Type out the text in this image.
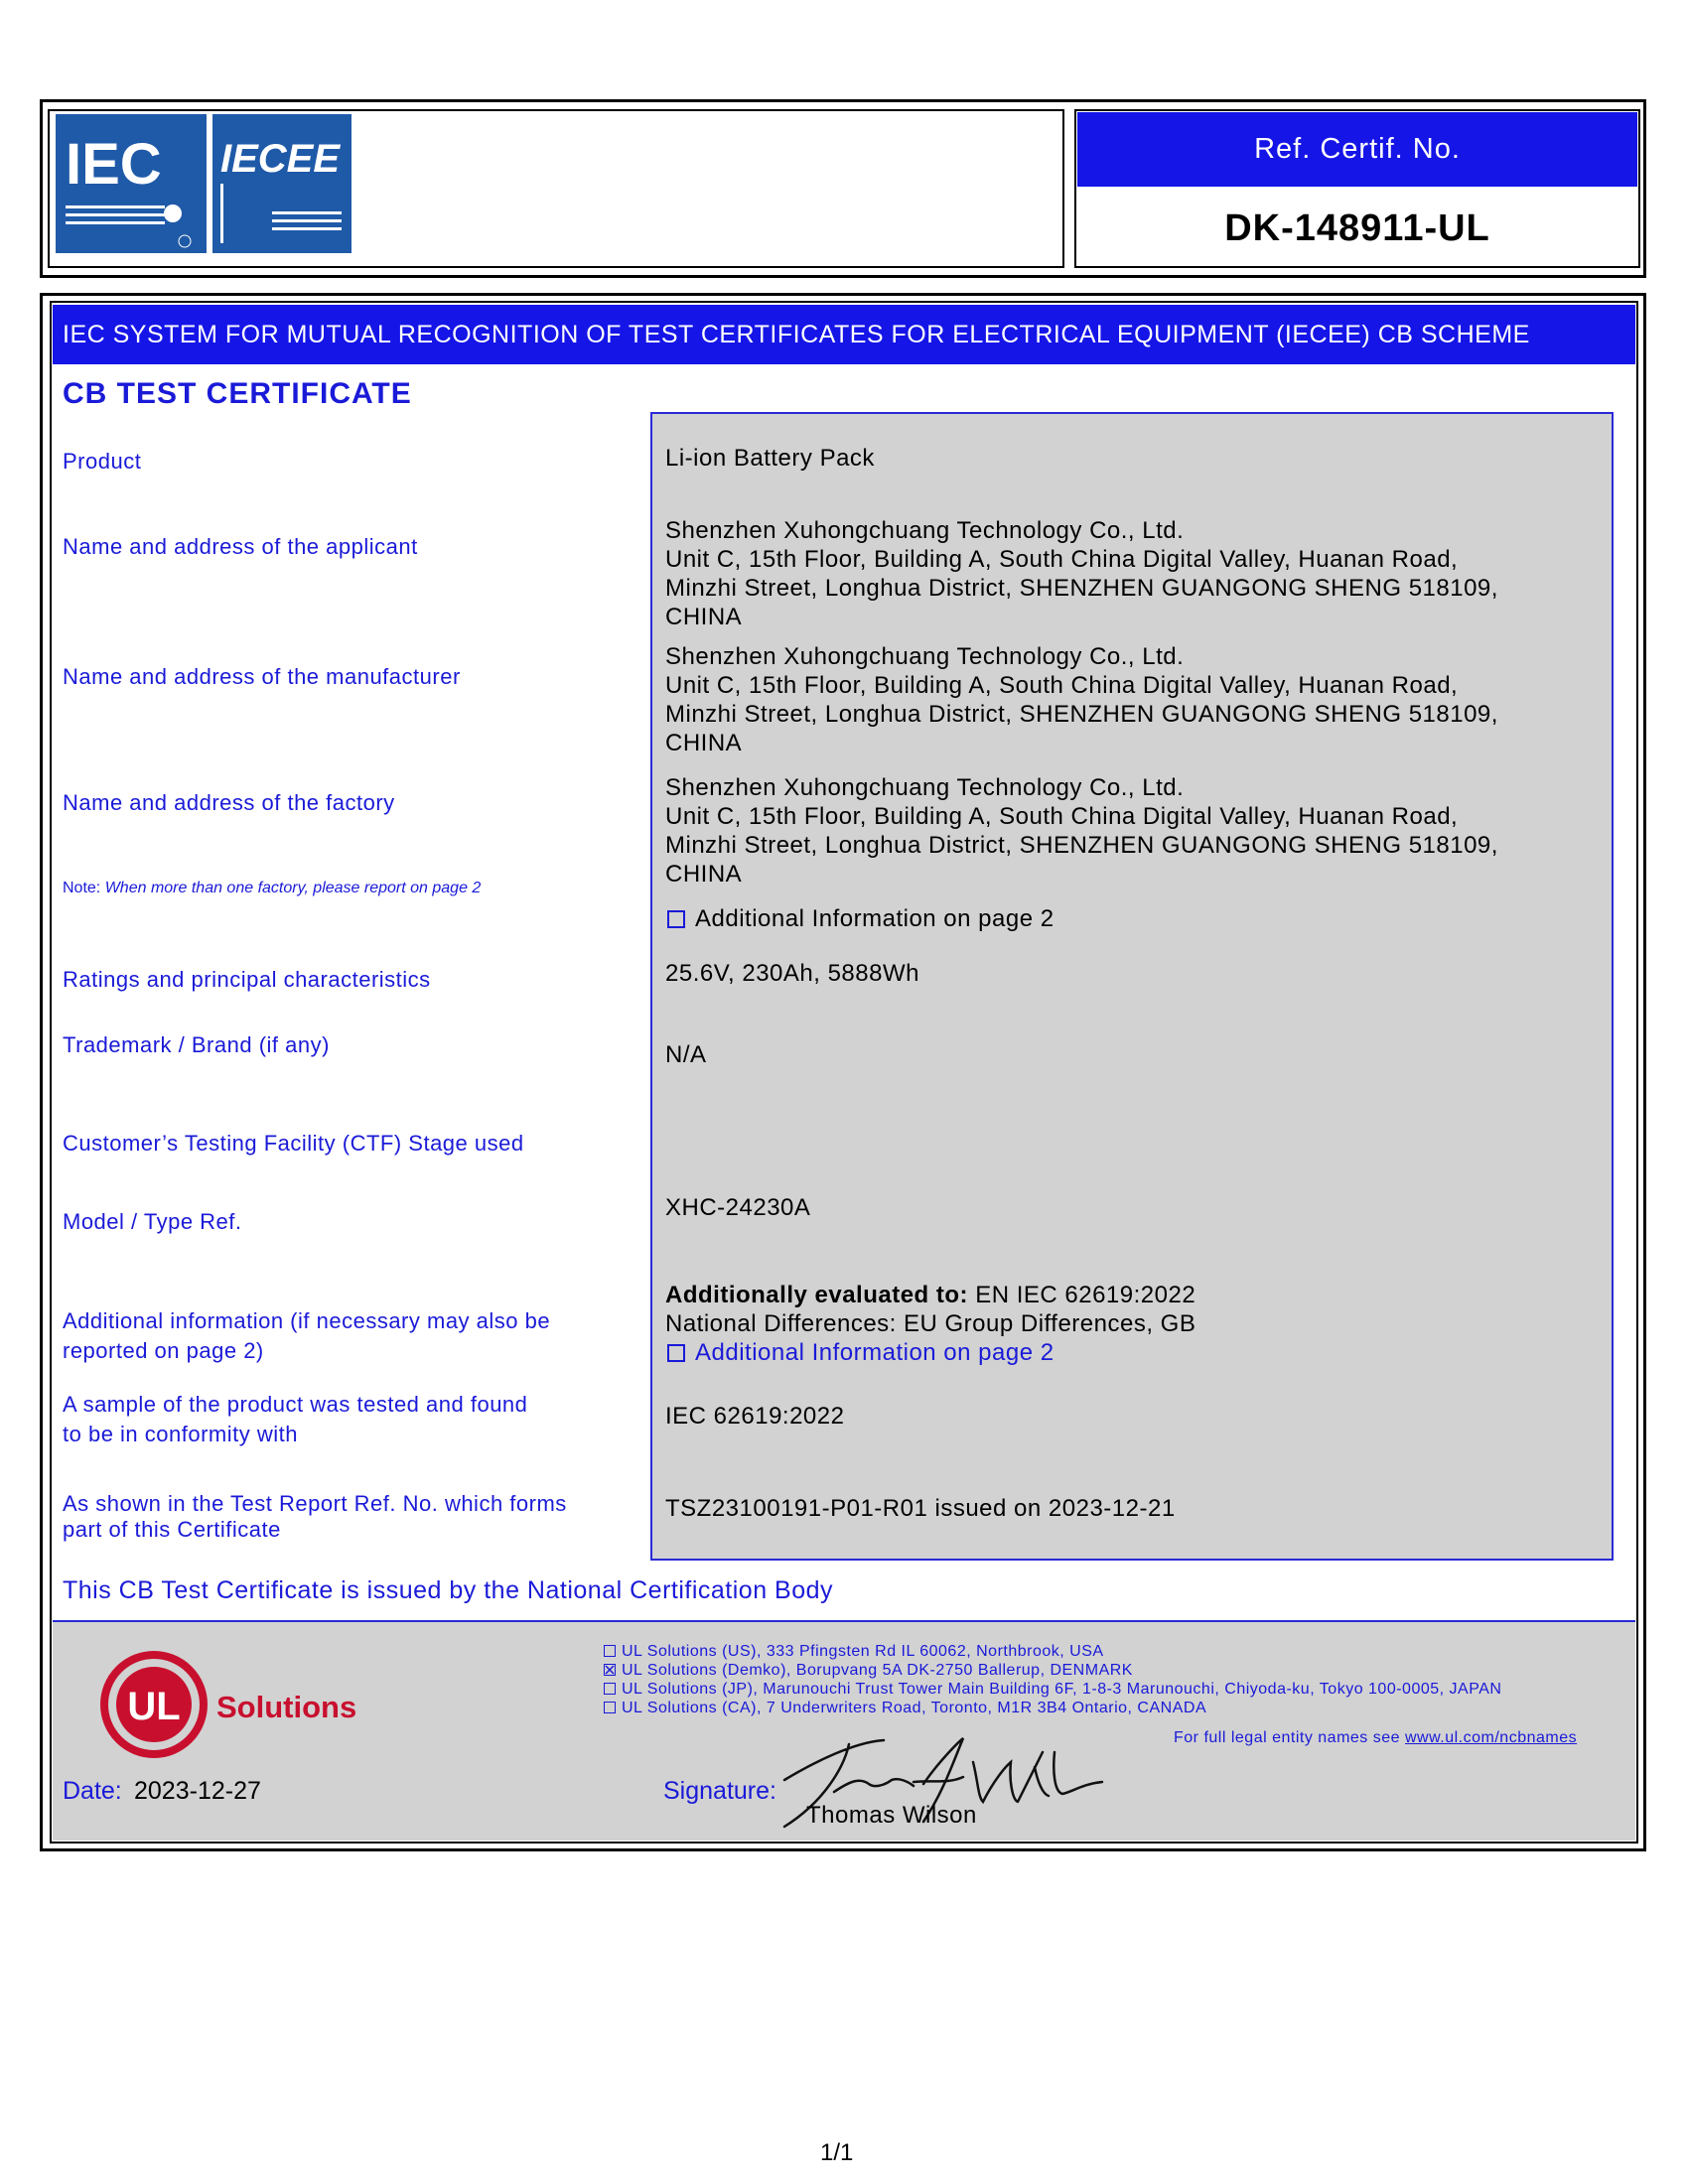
IEC IECEE	Ref. Certif. No.
DK-148911-UL
IEC SYSTEM FOR MUTUAL RECOGNITION OF TEST CERTIFICATES FOR ELECTRICAL EQUIPMENT (IECEE) CB SCHEME
CB TEST CERTIFICATE
Product
Name and address of the applicant
Name and address of the manufacturer
Name and address of the factory
Note: When more than one factory, please report on page 2
Ratings and principal characteristics
Trademark / Brand (if any)
Customer’s Testing Facility (CTF) Stage used
Model / Type Ref.
Additional information (if necessary may also be
reported on page 2)
A sample of the product was tested and found
to be in conformity with
As shown in the Test Report Ref. No. which forms
part of this Certificate
Li-ion Battery Pack
Shenzhen Xuhongchuang Technology Co., Ltd.
Unit C, 15th Floor, Building A, South China Digital Valley, Huanan Road,
Minzhi Street, Longhua District, SHENZHEN GUANGONG SHENG 518109,
CHINA
Shenzhen Xuhongchuang Technology Co., Ltd.
Unit C, 15th Floor, Building A, South China Digital Valley, Huanan Road,
Minzhi Street, Longhua District, SHENZHEN GUANGONG SHENG 518109,
CHINA
Shenzhen Xuhongchuang Technology Co., Ltd.
Unit C, 15th Floor, Building A, South China Digital Valley, Huanan Road,
Minzhi Street, Longhua District, SHENZHEN GUANGONG SHENG 518109,
CHINA
Additional Information on page 2
25.6V, 230Ah, 5888Wh
N/A
XHC-24230A
Additionally evaluated to: EN IEC 62619:2022
National Differences: EU Group Differences, GB
Additional Information on page 2
IEC 62619:2022
TSZ23100191-P01-R01 issued on 2023-12-21
This CB Test Certificate is issued by the National Certification Body
UL Solutions
UL Solutions (US), 333 Pfingsten Rd IL 60062, Northbrook, USA
UL Solutions (Demko), Borupvang 5A DK-2750 Ballerup, DENMARK
UL Solutions (JP), Marunouchi Trust Tower Main Building 6F, 1-8-3 Marunouchi, Chiyoda-ku, Tokyo 100-0005, JAPAN
UL Solutions (CA), 7 Underwriters Road, Toronto, M1R 3B4 Ontario, CANADA
For full legal entity names see www.ul.com/ncbnames
Date: 2023-12-27	Signature:
Thomas Wilson
1/1
